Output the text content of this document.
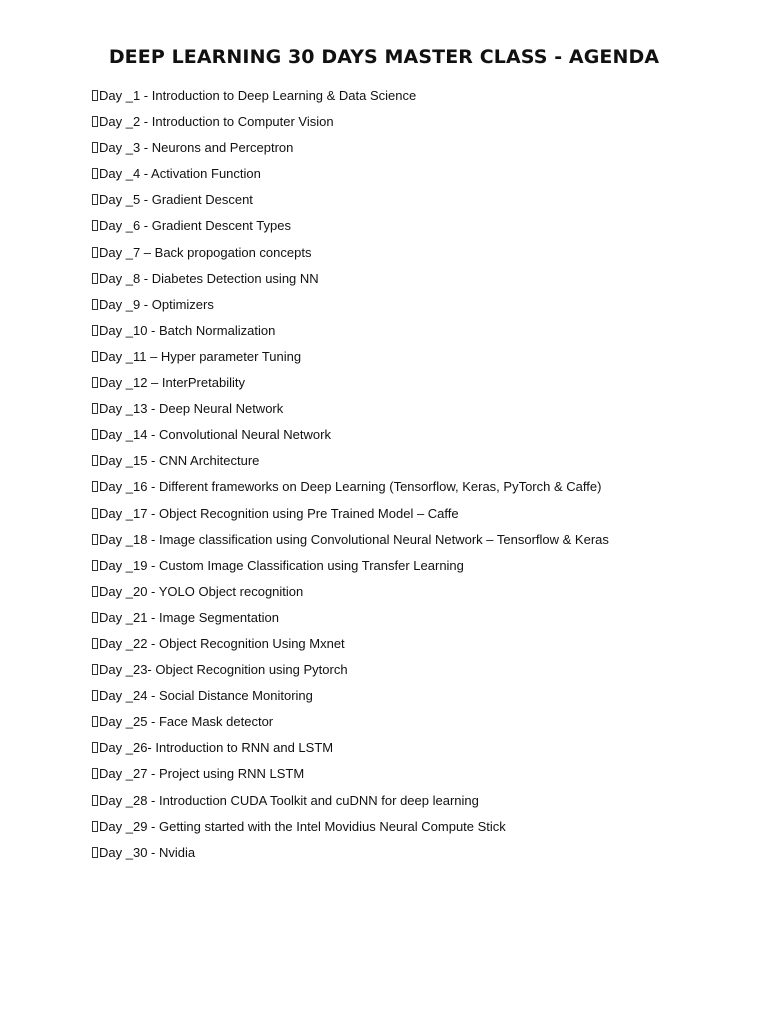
DEEP LEARNING 30 DAYS MASTER CLASS - AGENDA
Day _1 - Introduction to Deep Learning & Data Science
Day _2 - Introduction to Computer Vision
Day _3 - Neurons and Perceptron
Day _4 - Activation Function
Day _5 - Gradient Descent
Day _6 - Gradient Descent Types
Day _7 – Back propogation concepts
Day _8 - Diabetes Detection using NN
Day _9 - Optimizers
Day _10 - Batch Normalization
Day _11 – Hyper parameter Tuning
Day _12 – InterPretability
Day _13 - Deep Neural Network
Day _14 - Convolutional Neural Network
Day _15 - CNN Architecture
Day _16 - Different frameworks on Deep Learning (Tensorflow, Keras, PyTorch & Caffe)
Day _17 - Object Recognition using Pre Trained Model – Caffe
Day _18 - Image classification using Convolutional Neural Network – Tensorflow & Keras
Day _19 - Custom Image Classification using Transfer Learning
Day _20 - YOLO Object recognition
Day _21 - Image Segmentation
Day _22 - Object Recognition Using Mxnet
Day _23- Object Recognition using Pytorch
Day _24 - Social Distance Monitoring
Day _25 - Face Mask detector
Day _26- Introduction to RNN and LSTM
Day _27 - Project using RNN LSTM
Day _28 - Introduction CUDA Toolkit and cuDNN for deep learning
Day _29 - Getting started with the Intel Movidius Neural Compute Stick
Day _30 - Nvidia
